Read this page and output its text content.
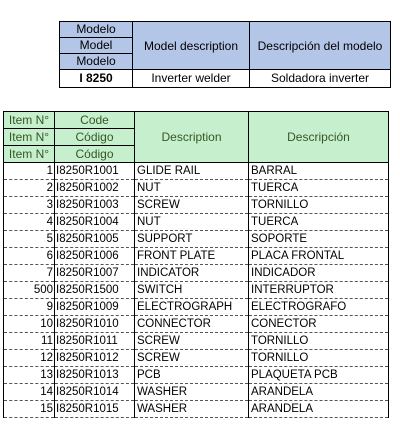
Modelo	Model description	Descripción del modelo
Model		
Modelo		
I 8250	Inverter welder	Soldadora inverter
Item N°	Code	Description	Descripción
Item N°	Código		
Item N°	Código		
1	I8250R1001	GLIDE RAIL	BARRAL
2	I8250R1002	NUT	TUERCA
3	I8250R1003	SCREW	TORNILLO
4	I8250R1004	NUT	TUERCA
5	I8250R1005	SUPPORT	SOPORTE
6	I8250R1006	FRONT PLATE	PLACA FRONTAL
7	I8250R1007	INDICATOR	INDICADOR
500	I8250R1500	SWITCH	INTERRUPTOR
9	I8250R1009	ELECTROGRAPH	ELECTROGRAFO
10	I8250R1010	CONNECTOR	CONECTOR
11	I8250R1011	SCREW	TORNILLO
12	I8250R1012	SCREW	TORNILLO
13	I8250R1013	PCB	PLAQUETA PCB
14	I8250R1014	WASHER	ARANDELA
15	I8250R1015	WASHER	ARANDELA
